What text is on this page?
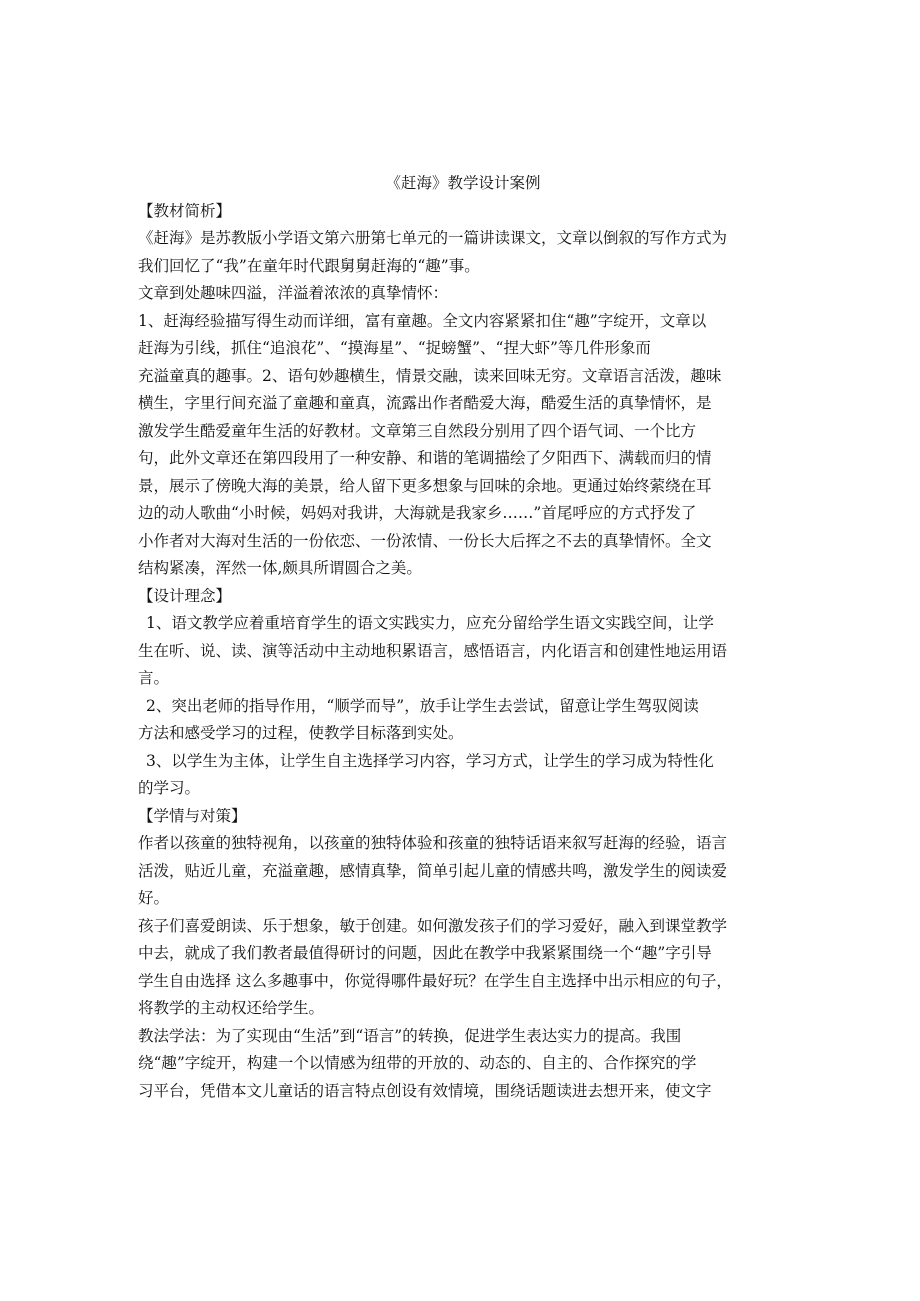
《赶海》教学设计案例
【教材简析】
《赶海》是苏教版小学语文第六册第七单元的一篇讲读课文，文章以倒叙的写作方式为
我们回忆了“我”在童年时代跟舅舅赶海的“趣”事。
文章到处趣味四溢，洋溢着浓浓的真挚情怀：
1、赶海经验描写得生动而详细，富有童趣。全文内容紧紧扣住“趣”字绽开，文章以
赶海为引线，抓住“追浪花”、“摸海星”、“捉螃蟹”、“捏大虾”等几件形象而
充溢童真的趣事。2、语句妙趣横生，情景交融，读来回味无穷。文章语言活泼，趣味
横生，字里行间充溢了童趣和童真，流露出作者酷爱大海，酷爱生活的真挚情怀，是
激发学生酷爱童年生活的好教材。文章第三自然段分别用了四个语气词、一个比方
句，此外文章还在第四段用了一种安静、和谐的笔调描绘了夕阳西下、满载而归的情
景，展示了傍晚大海的美景，给人留下更多想象与回味的余地。更通过始终萦绕在耳
边的动人歌曲“小时候，妈妈对我讲，大海就是我家乡……”首尾呼应的方式抒发了
小作者对大海对生活的一份依恋、一份浓情、一份长大后挥之不去的真挚情怀。全文
结构紧凑，浑然一体,颇具所谓圆合之美。
【设计理念】
1、语文教学应着重培育学生的语文实践实力，应充分留给学生语文实践空间，让学
生在听、说、读、演等活动中主动地积累语言，感悟语言，内化语言和创建性地运用语
言。
2、突出老师的指导作用，“顺学而导”，放手让学生去尝试，留意让学生驾驭阅读
方法和感受学习的过程，使教学目标落到实处。
3、以学生为主体，让学生自主选择学习内容，学习方式，让学生的学习成为特性化
的学习。
【学情与对策】
作者以孩童的独特视角，以孩童的独特体验和孩童的独特话语来叙写赶海的经验，语言
活泼，贴近儿童，充溢童趣，感情真挚，简单引起儿童的情感共鸣，激发学生的阅读爱
好。
孩子们喜爱朗读、乐于想象，敏于创建。如何激发孩子们的学习爱好，融入到课堂教学
中去，就成了我们教者最值得研讨的问题，因此在教学中我紧紧围绕一个“趣”字引导
学生自由选择 这么多趣事中，你觉得哪件最好玩？在学生自主选择中出示相应的句子，
将教学的主动权还给学生。
教法学法：为了实现由“生活”到“语言”的转换，促进学生表达实力的提高。我围
绕“趣”字绽开，构建一个以情感为纽带的开放的、动态的、自主的、合作探究的学
习平台，凭借本文儿童话的语言特点创设有效情境，围绕话题读进去想开来，使文字
